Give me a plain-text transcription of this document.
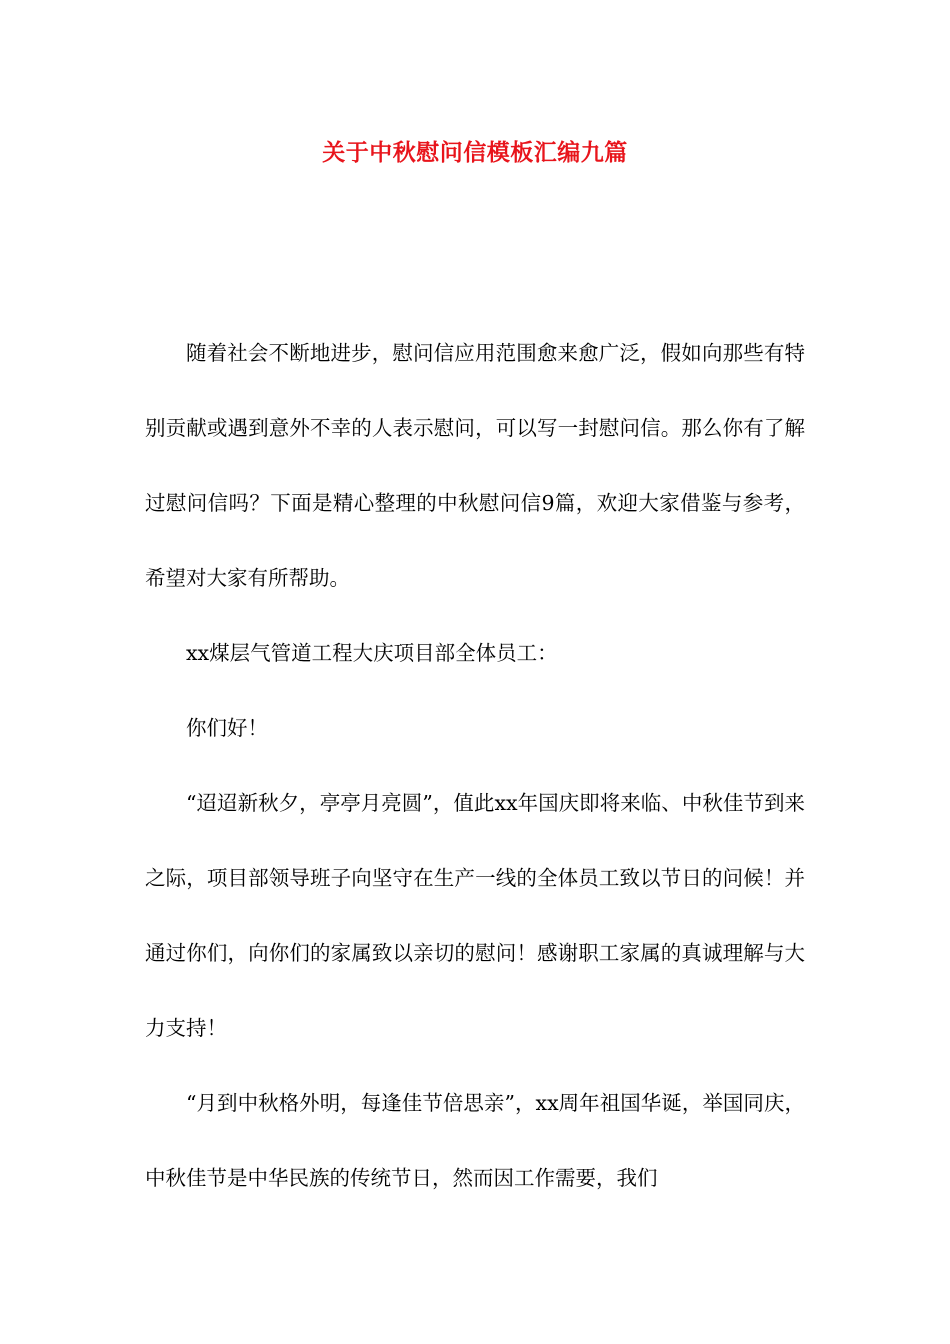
关于中秋慰问信模板汇编九篇

随着社会不断地进步，慰问信应用范围愈来愈广泛，假如向那些有特别贡献或遇到意外不幸的人表示慰问，可以写一封慰问信。那么你有了解过慰问信吗？下面是精心整理的中秋慰问信9篇，欢迎大家借鉴与参考，希望对大家有所帮助。

xx煤层气管道工程大庆项目部全体员工：

你们好！

“迢迢新秋夕，亭亭月亮圆”，值此xx年国庆即将来临、中秋佳节到来之际，项目部领导班子向坚守在生产一线的全体员工致以节日的问候！并通过你们，向你们的家属致以亲切的慰问！感谢职工家属的真诚理解与大力支持！

“月到中秋格外明，每逢佳节倍思亲”，xx周年祖国华诞，举国同庆，中秋佳节是中华民族的传统节日，然而因工作需要，我们
